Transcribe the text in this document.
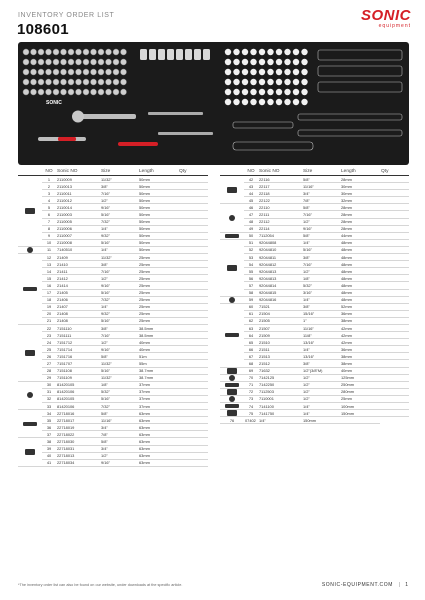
INVENTORY ORDER LIST
108601
SONIC
equipment
SONIC
	NO	Sonic NO	Size	Length	Qty

	1	2110009	11/32"	50mm	
	2	2110013	3/8"	50mm	
	3	2110011	7/16"	50mm	
	4	2110012	1/2"	50mm	
	5	2110014	9/16"	50mm	
	6	2110003	5/16"	50mm	
	7	2110005	7/32"	50mm	
	8	2110006	1/4"	50mm	
	9	2110007	9/32"	50mm	
	10	2110008	5/16"	50mm	

	11	7140510	1/4"	50mm	

	12	21409	11/32"	25mm	
	13	21410	3/8"	25mm	
	14	21411	7/16"	25mm	
	15	21412	1/2"	25mm	
	16	21414	9/16"	25mm	
	17	21405	5/16"	25mm	
	18	21406	7/32"	25mm	
	19	21407	1/4"	25mm	
	20	21408	9/32"	25mm	
	21	21408	5/16"	25mm	

	22	7151110	3/8"	38.5mm	
	23	7151111	7/16"	38.5mm	
	24	7151712	1/2"	40mm	
	25	7151714	9/16"	40mm	
	26	7151716	5/8"	51m	
	27	7151707	11/32"	55m	
	28	7151108	5/16"	38.7mm	
	29	7151109	11/32"	38.7mm	

	30	81420105	1/8"	37mm	
	31	81420106	5/32"	37mm	
	32	81420105	5/16"	37mm	
	33	81420106	7/32"	37mm	

	34	22718016	5/8"	63mm	
	35	22718017	11/16"	63mm	
	36	22718019	3/4"	63mm	
	37	22718022	7/8"	63mm	

	38	22718030	5/8"	63mm	
	39	22718031	3/4"	63mm	
	40	22718013	1/2"	63mm	
	41	22718034	9/16"	63mm	
	NO	Sonic NO	Size	Length	Qty

	42	22116	5/8"	28mm	
	43	22117	11/16"	30mm	
	44	22118	3/4"	30mm	
	45	22122	7/8"	32mm	

	46	22110	5/8"	28mm	
	47	22111	7/16"	28mm	
	48	22112	1/2"	28mm	
	49	22114	9/16"	28mm	

	50	7112054	5/8"	44mm	

	51	92044808	1/4"	48mm	
	52	92044810	5/16"	48mm	
	53	92044811	3/8"	48mm	
	54	92044812	7/16"	48mm	
	55	92044813	1/2"	48mm	
	56	92044813	1/8"	48mm	
	57	92044814	5/32"	48mm	
	58	92044815	3/16"	48mm	

	59	92044816	1/4"	48mm	

	60	71521	3/8"	52mm	
	61	21504	15/16"	36mm	
	62	21505	1"	38mm	
	63	21507	11/16"	42mm	
	64	21509	11/8"	42mm	
	65	21510	13/16"	42mm	
	66	21511	1/4"	36mm	
	67	21513	13/16"	38mm	
	68	21512	3/8"	38mm	

	69	71632	1/2"(3/8"M)	40mm	

	70	7142125	1/2"	125mm	

	71	7142250	1/2"	250mm	

	72	7112503	1/2"	280mm	

	73	7110001	1/2"	25mm	

	74	7141100	1/4"	100mm	

	75	7141750	1/4"	150mm	
76	07402	1/4"	150mm		
*The inventory order list can also be found on our website, under downloads at the specific article.	SONIC-EQUIPMENT.COM | 1
